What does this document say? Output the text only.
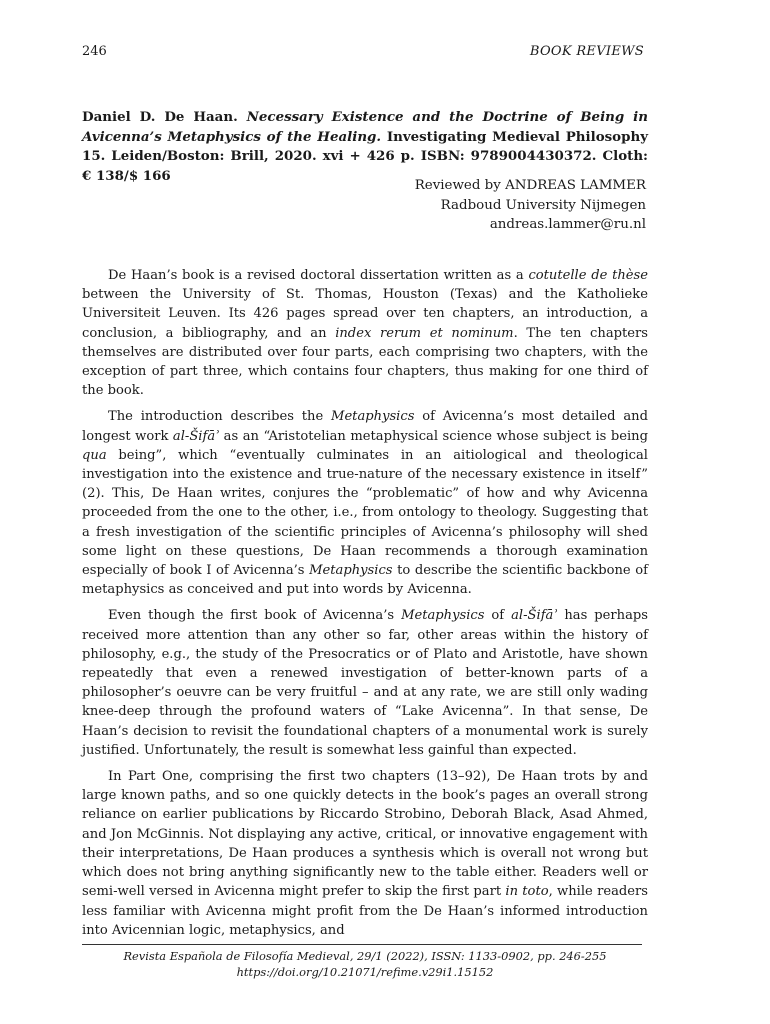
246	BOOK REVIEWS
Daniel D. De Haan. Necessary Existence and the Doctrine of Being in Avicenna’s Metaphysics of the Healing. Investigating Medieval Philosophy 15. Leiden/Boston: Brill, 2020. xvi + 426 p. ISBN: 9789004430372. Cloth: € 138/$ 166
Reviewed by ANDREAS LAMMER
Radboud University Nijmegen
andreas.lammer@ru.nl

De Haan’s book is a revised doctoral dissertation written as a cotutelle de thèse between the University of St. Thomas, Houston (Texas) and the Katholieke Universiteit Leuven. Its 426 pages spread over ten chapters, an introduction, a conclusion, a bibliography, and an index rerum et nominum. The ten chapters themselves are distributed over four parts, each comprising two chapters, with the exception of part three, which contains four chapters, thus making for one third of the book.

The introduction describes the Metaphysics of Avicenna’s most detailed and longest work al-Šifāʾ as an “Aristotelian metaphysical science whose subject is being qua being”, which “eventually culminates in an aitiological and theological investigation into the existence and true-nature of the necessary existence in itself” (2). This, De Haan writes, conjures the “problematic” of how and why Avicenna proceeded from the one to the other, i.e., from ontology to theology. Suggesting that a fresh investigation of the scientific principles of Avicenna’s philosophy will shed some light on these questions, De Haan recommends a thorough examination especially of book I of Avicenna’s Metaphysics to describe the scientific backbone of metaphysics as conceived and put into words by Avicenna.

Even though the first book of Avicenna’s Metaphysics of al-Šifāʾ has perhaps received more attention than any other so far, other areas within the history of philosophy, e.g., the study of the Presocratics or of Plato and Aristotle, have shown repeatedly that even a renewed investigation of better-known parts of a philosopher’s oeuvre can be very fruitful – and at any rate, we are still only wading knee-deep through the profound waters of “Lake Avicenna”. In that sense, De Haan’s decision to revisit the foundational chapters of a monumental work is surely justified. Unfortunately, the result is somewhat less gainful than expected.

In Part One, comprising the first two chapters (13–92), De Haan trots by and large known paths, and so one quickly detects in the book’s pages an overall strong reliance on earlier publications by Riccardo Strobino, Deborah Black, Asad Ahmed, and Jon McGinnis. Not displaying any active, critical, or innovative engagement with their interpretations, De Haan produces a synthesis which is overall not wrong but which does not bring anything significantly new to the table either. Readers well or semi-well versed in Avicenna might prefer to skip the first part in toto, while readers less familiar with Avicenna might profit from the De Haan’s informed introduction into Avicennian logic, metaphysics, and

Revista Española de Filosofía Medieval, 29/1 (2022), ISSN: 1133-0902, pp. 246-255
https://doi.org/10.21071/refime.v29i1.15152
